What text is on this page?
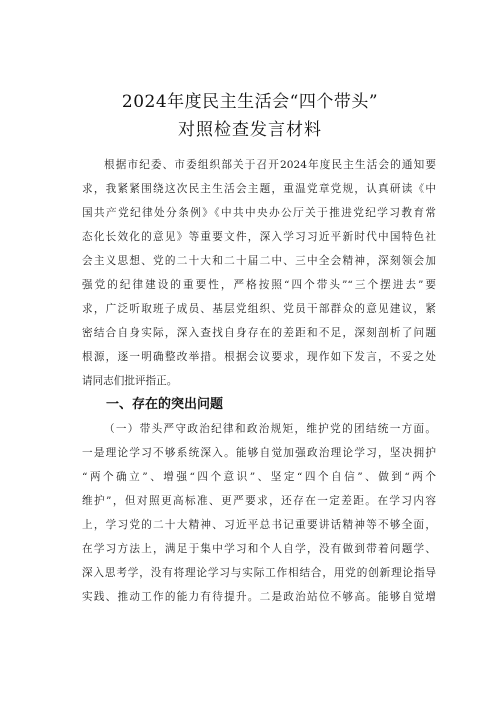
2024年度民主生活会“四个带头”
对照检查发言材料
根据市纪委、市委组织部关于召开2024年度民主生活会的通知要
求，我紧紧围绕这次民主生活会主题，重温党章党规，认真研读《中
国共产党纪律处分条例》《中共中央办公厅关于推进党纪学习教育常
态化长效化的意见》等重要文件，深入学习习近平新时代中国特色社
会主义思想、党的二十大和二十届二中、三中全会精神，深刻领会加
强党的纪律建设的重要性，严格按照“四个带头”“三个摆进去”要
求，广泛听取班子成员、基层党组织、党员干部群众的意见建议，紧
密结合自身实际，深入查找自身存在的差距和不足，深刻剖析了问题
根源，逐一明确整改举措。根据会议要求，现作如下发言，不妥之处
请同志们批评指正。
一、存在的突出问题
（一）带头严守政治纪律和政治规矩，维护党的团结统一方面。
一是理论学习不够系统深入。能够自觉加强政治理论学习，坚决拥护
“两个确立”、增强“四个意识”、坚定“四个自信”、做到“两个
维护”，但对照更高标准、更严要求，还存在一定差距。在学习内容
上，学习党的二十大精神、习近平总书记重要讲话精神等不够全面，
在学习方法上，满足于集中学习和个人自学，没有做到带着问题学、
深入思考学，没有将理论学习与实际工作相结合，用党的创新理论指导
实践、推动工作的能力有待提升。二是政治站位不够高。能够自觉增
